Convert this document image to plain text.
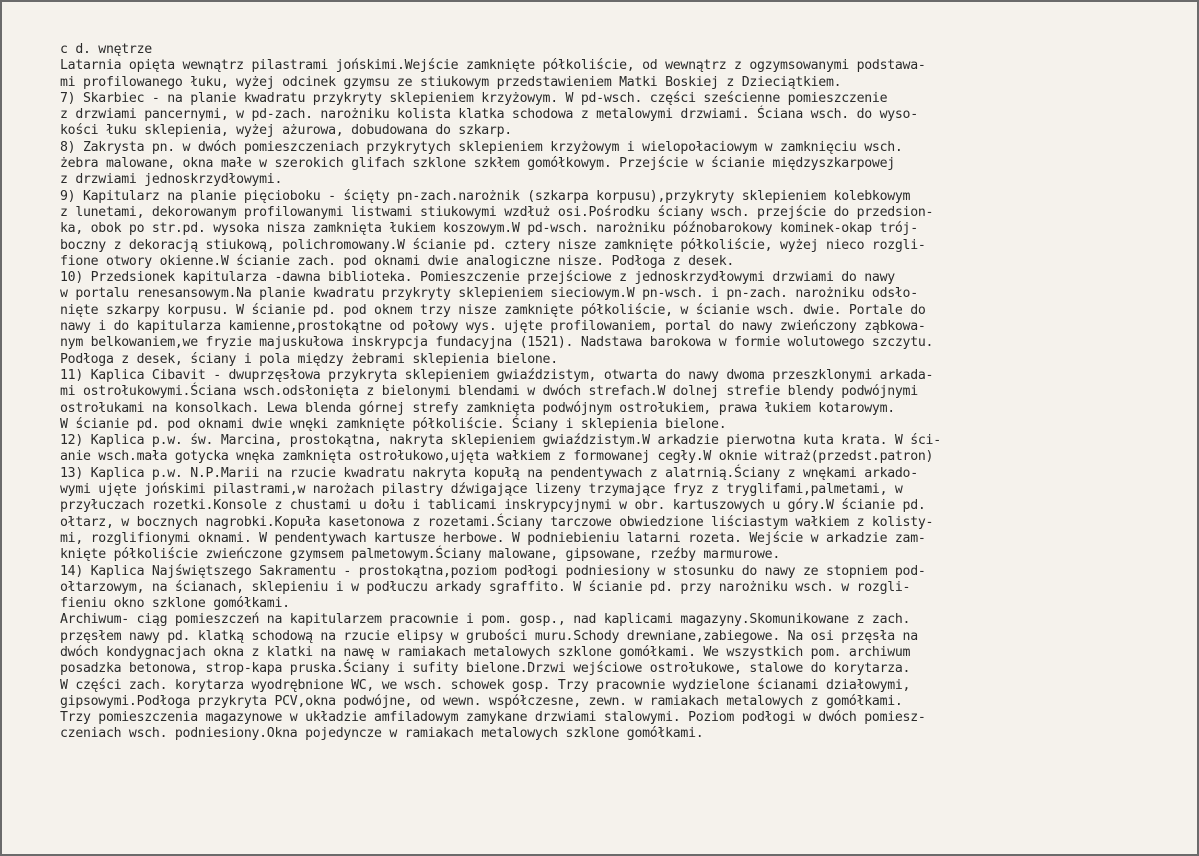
c d. wnętrze
Latarnia opięta wewnątrz pilastrami jońskimi.Wejście zamknięte półkoliście, od wewnątrz z ogzymsowanymi podstawa-
mi profilowanego łuku, wyżej odcinek gzymsu ze stiukowym przedstawieniem Matki Boskiej z Dzieciątkiem.
7) Skarbiec - na planie kwadratu przykryty sklepieniem krzyżowym. W pd-wsch. części sześcienne pomieszczenie
z drzwiami pancernymi, w pd-zach. narożniku kolista klatka schodowa z metalowymi drzwiami. Ściana wsch. do wyso-
kości łuku sklepienia, wyżej ażurowa, dobudowana do szkarp.
8) Zakrysta pn. w dwóch pomieszczeniach przykrytych sklepieniem krzyżowym i wielopołaciowym w zamknięciu wsch.
żebra malowane, okna małe w szerokich glifach szklone szkłem gomółkowym. Przejście w ścianie międzyszkarpowej
z drzwiami jednoskrzydłowymi.
9) Kapitularz na planie pięcioboku - ścięty pn-zach.narożnik (szkarpa korpusu),przykryty sklepieniem kolebkowym
z lunetami, dekorowanym profilowanymi listwami stiukowymi wzdłuż osi.Pośrodku ściany wsch. przejście do przedsion-
ka, obok po str.pd. wysoka nisza zamknięta łukiem koszowym.W pd-wsch. narożniku późnobarokowy kominek-okap trój-
boczny z dekoracją stiukową, polichromowany.W ścianie pd. cztery nisze zamknięte półkoliście, wyżej nieco rozgli-
fione otwory okienne.W ścianie zach. pod oknami dwie analogiczne nisze. Podłoga z desek.
10) Przedsionek kapitularza -dawna biblioteka. Pomieszczenie przejściowe z jednoskrzydłowymi drzwiami do nawy
w portalu renesansowym.Na planie kwadratu przykryty sklepieniem sieciowym.W pn-wsch. i pn-zach. narożniku odsło-
nięte szkarpy korpusu. W ścianie pd. pod oknem trzy nisze zamknięte półkoliście, w ścianie wsch. dwie. Portale do
nawy i do kapitularza kamienne,prostokątne od połowy wys. ujęte profilowaniem, portal do nawy zwieńczony ząbkowa-
nym belkowaniem,we fryzie majuskułowa inskrypcja fundacyjna (1521). Nadstawa barokowa w formie wolutowego szczytu.
Podłoga z desek, ściany i pola między żebrami sklepienia bielone.
11) Kaplica Cibavit - dwuprzęsłowa przykryta sklepieniem gwiaździstym, otwarta do nawy dwoma przeszklonymi arkada-
mi ostrołukowymi.Ściana wsch.odsłonięta z bielonymi blendami w dwóch strefach.W dolnej strefie blendy podwójnymi
ostrołukami na konsolkach. Lewa blenda górnej strefy zamknięta podwójnym ostrołukiem, prawa łukiem kotarowym.
W ścianie pd. pod oknami dwie wnęki zamknięte półkoliście. Ściany i sklepienia bielone.
12) Kaplica p.w. św. Marcina, prostokątna, nakryta sklepieniem gwiaździstym.W arkadzie pierwotna kuta krata. W ści-
anie wsch.mała gotycka wnęka zamknięta ostrołukowo,ujęta wałkiem z formowanej cegły.W oknie witraż(przedst.patron)
13) Kaplica p.w. N.P.Marii na rzucie kwadratu nakryta kopułą na pendentywach z alatrnią.Ściany z wnękami arkado-
wymi ujęte jońskimi pilastrami,w narożach pilastry dźwigające lizeny trzymające fryz z tryglifami,palmetami, w
przyłuczach rozetki.Konsole z chustami u dołu i tablicami inskrypcyjnymi w obr. kartuszowych u góry.W ścianie pd.
ołtarz, w bocznych nagrobki.Kopuła kasetonowa z rozetami.Ściany tarczowe obwiedzione liściastym wałkiem z kolisty-
mi, rozglifionymi oknami. W pendentywach kartusze herbowe. W podniebieniu latarni rozeta. Wejście w arkadzie zam-
knięte półkoliście zwieńczone gzymsem palmetowym.Ściany malowane, gipsowane, rzeźby marmurowe.
14) Kaplica Najświętszego Sakramentu - prostokątna,poziom podłogi podniesiony w stosunku do nawy ze stopniem pod-
ołtarzowym, na ścianach, sklepieniu i w podłuczu arkady sgraffito. W ścianie pd. przy narożniku wsch. w rozgli-
fieniu okno szklone gomółkami.
Archiwum- ciąg pomieszczeń na kapitularzem pracownie i pom. gosp., nad kaplicami magazyny.Skomunikowane z zach.
przęsłem nawy pd. klatką schodową na rzucie elipsy w grubości muru.Schody drewniane,zabiegowe. Na osi przęsła na
dwóch kondygnacjach okna z klatki na nawę w ramiakach metalowych szklone gomółkami. We wszystkich pom. archiwum
posadzka betonowa, strop-kapa pruska.Ściany i sufity bielone.Drzwi wejściowe ostrołukowe, stalowe do korytarza.
W części zach. korytarza wyodrębnione WC, we wsch. schowek gosp. Trzy pracownie wydzielone ścianami działowymi,
gipsowymi.Podłoga przykryta PCV,okna podwójne, od wewn. współczesne, zewn. w ramiakach metalowych z gomółkami.
Trzy pomieszczenia magazynowe w układzie amfiladowym zamykane drzwiami stalowymi. Poziom podłogi w dwóch pomiesz-
czeniach wsch. podniesiony.Okna pojedyncze w ramiakach metalowych szklone gomółkami.
